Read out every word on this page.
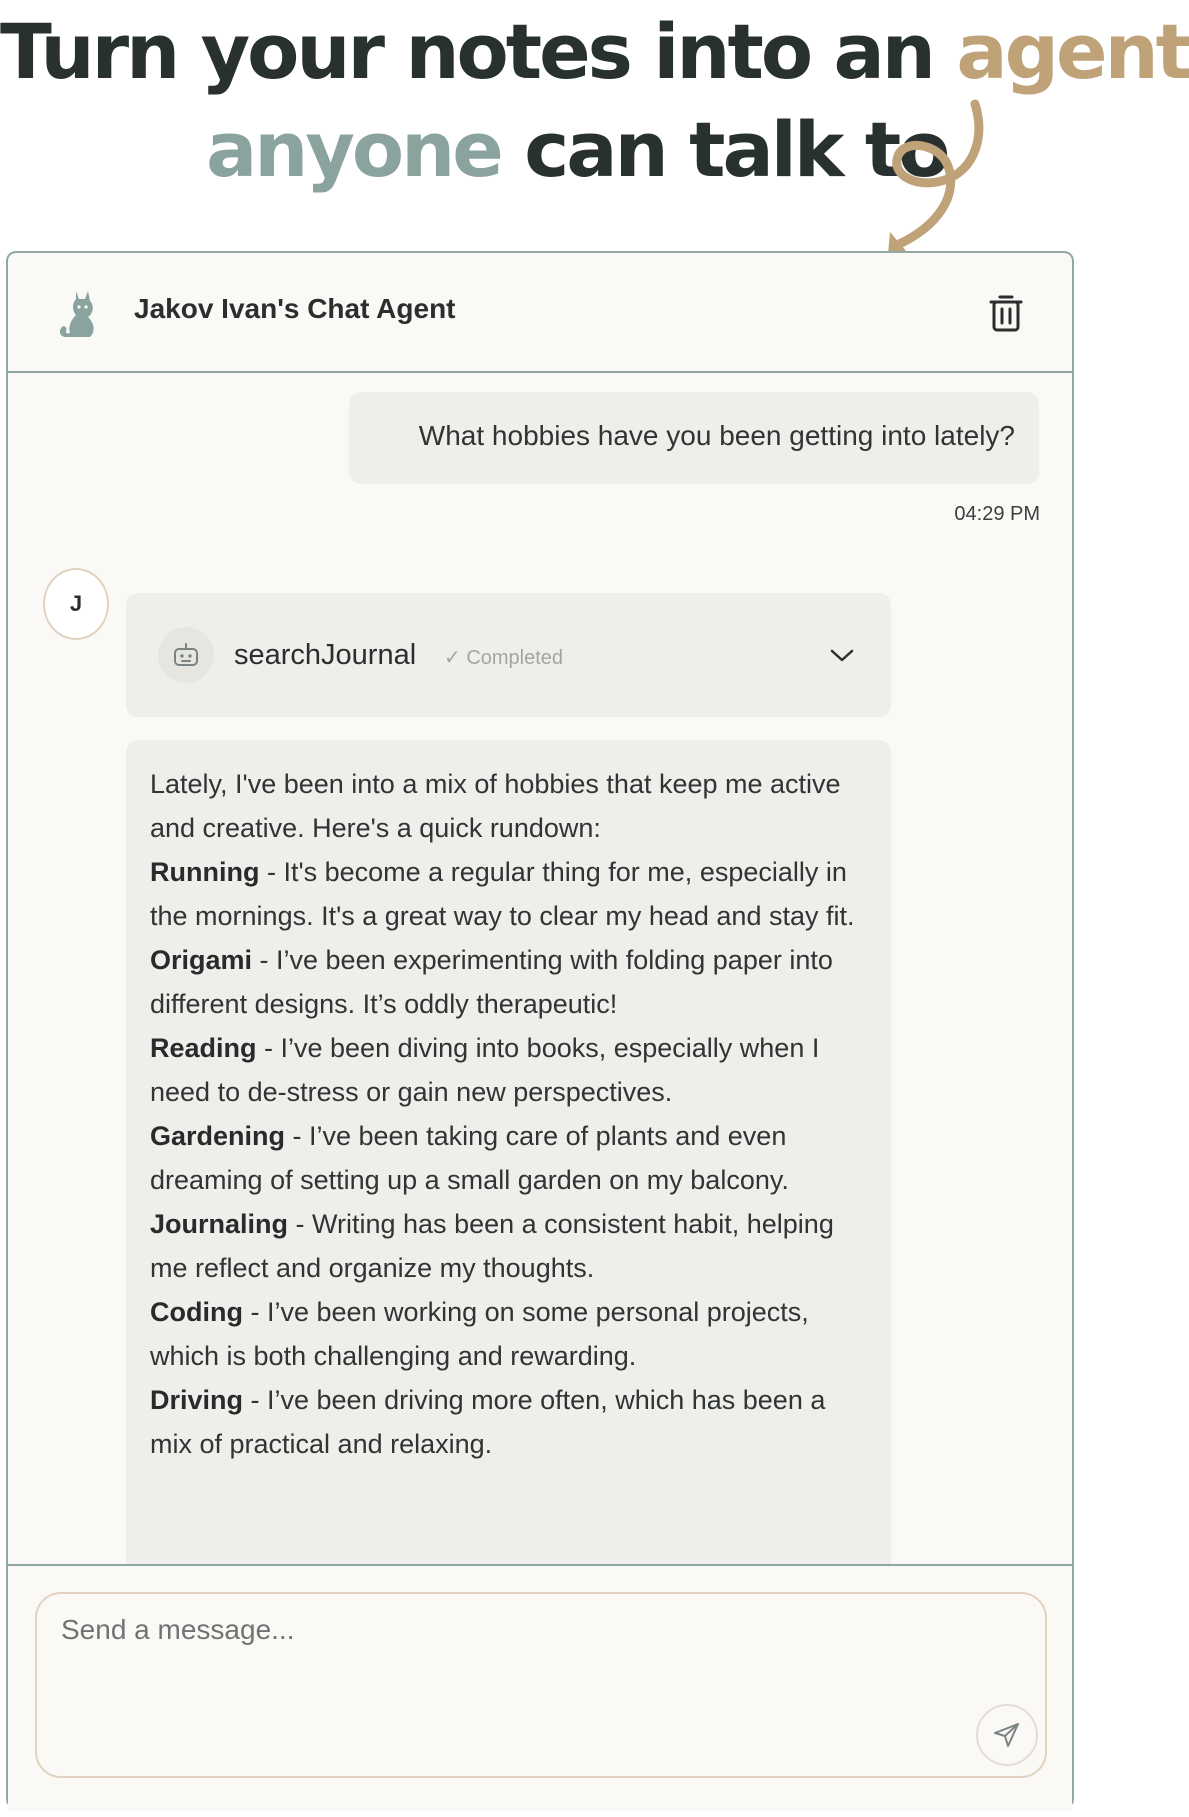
Turn your notes into an agent
anyone can talk to
Jakov Ivan's Chat Agent
What hobbies have you been getting into lately?
04:29 PM
J
searchJournal ✓ Completed

Lately, I've been into a mix of hobbies that keep me active and creative. Here's a quick rundown:

Running - It's become a regular thing for me, especially in the mornings. It's a great way to clear my head and stay fit.

Origami - I’ve been experimenting with folding paper into different designs. It’s oddly therapeutic!

Reading - I’ve been diving into books, especially when I need to de-stress or gain new perspectives.

Gardening - I’ve been taking care of plants and even dreaming of setting up a small garden on my balcony.

Journaling - Writing has been a consistent habit, helping me reflect and organize my thoughts.

Coding - I’ve been working on some personal projects, which is both challenging and rewarding.

Driving - I’ve been driving more often, which has been a mix of practical and relaxing.

Send a message...
